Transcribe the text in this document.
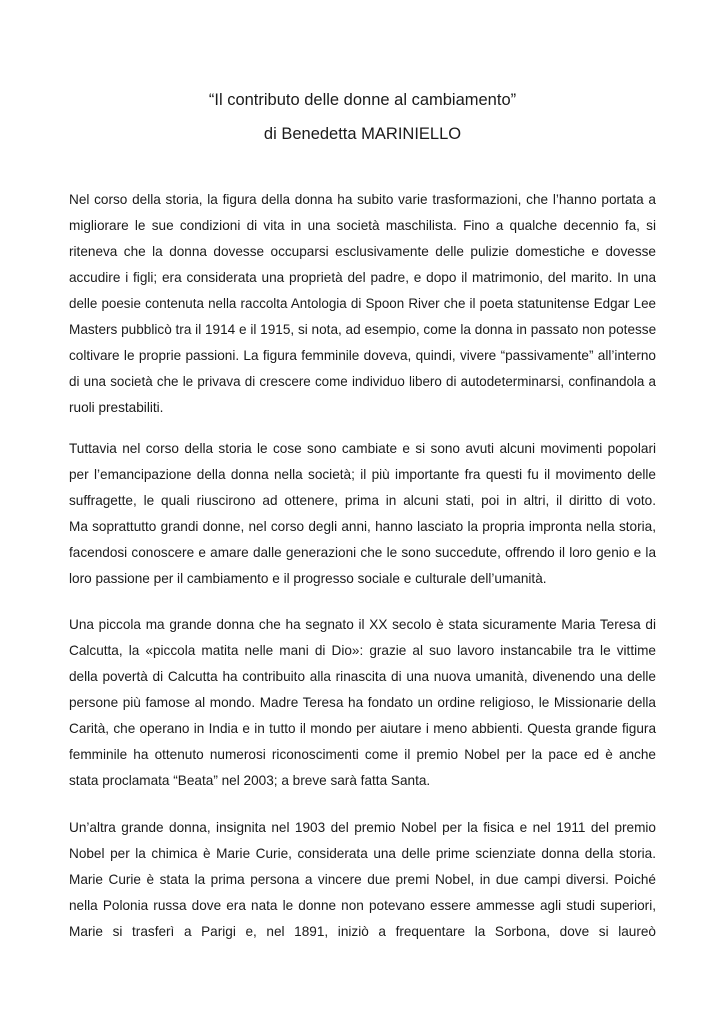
“Il contributo delle donne al cambiamento”

di Benedetta MARINIELLO

Nel corso della storia, la figura della donna ha subito varie trasformazioni, che l’hanno portata a
migliorare le sue condizioni di vita in una società maschilista. Fino a qualche decennio fa, si
riteneva che la donna dovesse occuparsi esclusivamente delle pulizie domestiche e dovesse
accudire i figli; era considerata una proprietà del padre, e dopo il matrimonio, del marito. In una
delle poesie contenuta nella raccolta Antologia di Spoon River che il poeta statunitense Edgar Lee
Masters pubblicò tra il 1914 e il 1915, si nota, ad esempio, come la donna in passato non potesse
coltivare le proprie passioni. La figura femminile doveva, quindi, vivere “passivamente” all’interno
di una società che le privava di crescere come individuo libero di autodeterminarsi, confinandola a
ruoli prestabiliti.
Tuttavia nel corso della storia le cose sono cambiate e si sono avuti alcuni movimenti popolari
per l’emancipazione della donna nella società; il più importante fra questi fu il movimento delle
suffragette, le quali riuscirono ad ottenere, prima in alcuni stati, poi in altri, il diritto di voto.
Ma soprattutto grandi donne, nel corso degli anni, hanno lasciato la propria impronta nella storia,
facendosi conoscere e amare dalle generazioni che le sono succedute, offrendo il loro genio e la
loro passione per il cambiamento e il progresso sociale e culturale dell’umanità.
Una piccola ma grande donna che ha segnato il XX secolo è stata sicuramente Maria Teresa di
Calcutta, la «piccola matita nelle mani di Dio»: grazie al suo lavoro instancabile tra le vittime
della povertà di Calcutta ha contribuito alla rinascita di una nuova umanità, divenendo una delle
persone più famose al mondo. Madre Teresa ha fondato un ordine religioso, le Missionarie della
Carità, che operano in India e in tutto il mondo per aiutare i meno abbienti. Questa grande figura
femminile ha ottenuto numerosi riconoscimenti come il premio Nobel per la pace ed è anche
stata proclamata “Beata” nel 2003; a breve sarà fatta Santa.
Un’altra grande donna, insignita nel 1903 del premio Nobel per la fisica e nel 1911 del premio
Nobel per la chimica è Marie Curie, considerata una delle prime scienziate donna della storia.
Marie Curie è stata la prima persona a vincere due premi Nobel, in due campi diversi. Poiché
nella Polonia russa dove era nata le donne non potevano essere ammesse agli studi superiori,
Marie si trasferì a Parigi e, nel 1891, iniziò a frequentare la Sorbona, dove si laureò
